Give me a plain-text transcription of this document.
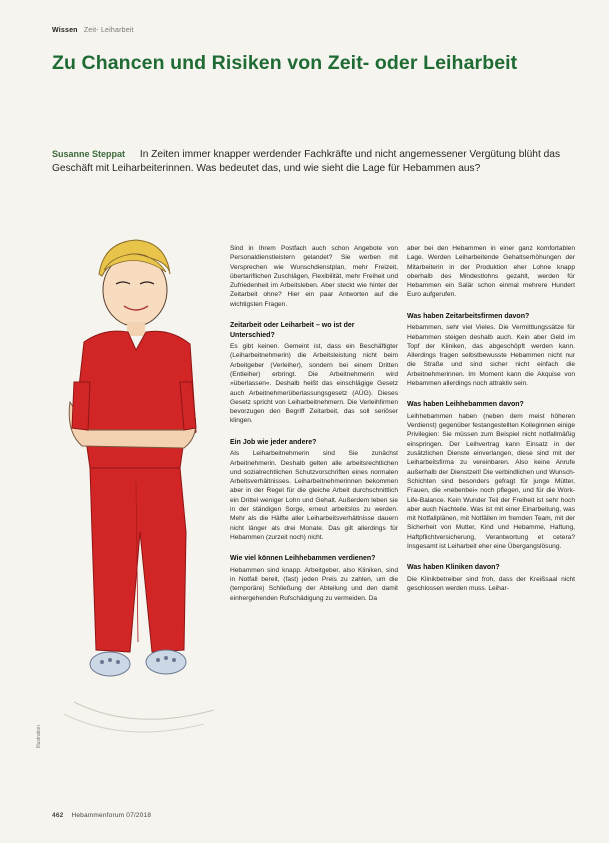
Wissen Zeit- Leiharbeit
Zu Chancen und Risiken von Zeit- oder Leiharbeit

Susanne Steppat In Zeiten immer knapper werdender Fachkräfte und nicht angemessener Vergütung blüht das Geschäft mit Leiharbeiterinnen. Was bedeutet das, und wie sieht die Lage für Hebammen aus?

Illustration

Sind in Ihrem Postfach auch schon Angebote von Personaldienstleistern gelandet? Sie werben mit Versprechen wie Wunschdienstplan, mehr Freizeit, übertariflichen Zuschlägen, Flexibilität, mehr Freiheit und Zufriedenheit im Arbeitsleben. Aber steckt wie hinter der Zeitarbeit ohne? Hier ein paar Antworten auf die wichtigsten Fragen.

Zeitarbeit oder Leiharbeit – wo ist der Unterschied?

Es gibt keinen. Gemeint ist, dass ein Beschäftigter (Leiharbeitnehmerin) die Arbeitsleistung nicht beim Arbeitgeber (Verleiher), sondern bei einem Dritten (Entleiher) erbringt. Die Arbeitnehmerin wird »überlassen«. Deshalb heißt das einschlägige Gesetz auch Arbeitnehmerüberlassungsgesetz (AÜG). Dieses Gesetz spricht von Leiharbeitnehmern. Die Verleihfirmen bevorzugen den Begriff Zeitarbeit, das soll seriöser klingen.

Ein Job wie jeder andere?

Als Leiharbeitnehmerin sind Sie zunächst Arbeitnehmerin. Deshalb gelten alle arbeitsrechtlichen und sozialrechtlichen Schutzvorschriften eines normalen Arbeitsverhältnisses. Leiharbeitnehmerinnen bekommen aber in der Regel für die gleiche Arbeit durchschnittlich ein Drittel weniger Lohn und Gehalt. Außerdem leben sie in der ständigen Sorge, erneut arbeitslos zu werden. Mehr als die Hälfte aller Leiharbeitsverhältnisse dauern nicht länger als drei Monate. Das gilt allerdings für Hebammen (zurzeit noch) nicht.

Wie viel können Leihhebammen verdienen?

Hebammen sind knapp. Arbeitgeber, also Kliniken, sind in Notfall bereit, (fast) jeden Preis zu zahlen, um die (temporäre) Schließung der Abteilung und den damit einhergehenden Rufschädigung zu vermeiden. Da

aber bei den Hebammen in einer ganz komfortablen Lage. Werden Leiharbeitende Gehaltserhöhungen der Mitarbeiterin in der Produktion eher Lohne knapp oberhalb des Mindestlohns gezahlt, werden für Hebammen ein Salär schon einmal mehrere Hundert Euro aufgerufen.

Was haben Zeitarbeitsfirmen davon?

Hebammen, sehr viel Vieles. Die Vermittlungssätze für Hebammen steigen deshalb auch. Kein aber Geld im Topf der Kliniken, das abgeschöpft werden kann. Allerdings fragen selbstbewusste Hebammen nicht nur die Straße und sind sicher nicht einfach die Arbeitnehmerinnen. Im Moment kann die Akquise von Hebammen allerdings noch attraktiv sein.

Was haben Leihhebammen davon?

Leihhebammen haben (neben dem meist höheren Verdienst) gegenüber festangestellten Kolleginnen einige Privilegien: Sie müssen zum Beispiel nicht notfallmäßig einspringen. Der Leihvertrag kann Einsatz in der zusätzlichen Dienste einverlangen, diese sind mit der Leiharbeitsfirma zu vereinbaren. Also keine Anrufe außerhalb der Dienstzeit! Die verbindlichen und Wunsch-Schichten sind besonders gefragt für junge Mütter, Frauen, die »nebenbei« noch pflegen, und für die Work-Life-Balance. Kein Wunder Teil der Freiheit ist sehr hoch aber auch Nachteile. Was ist mit einer Einarbeitung, was mit Notfallplänen, mit Notfällen im fremden Team, mit der Sicherheit von Mutter, Kind und Hebamme, Haftung, Haftpflichtversicherung, Verantwortung et cetera? Insgesamt ist Leiharbeit eher eine Übergangslösung.

Was haben Kliniken davon?

Die Klinikbetreiber sind froh, dass der Kreißsaal nicht geschlossen werden muss. Leihar-

462 Hebammenforum 07/2018
